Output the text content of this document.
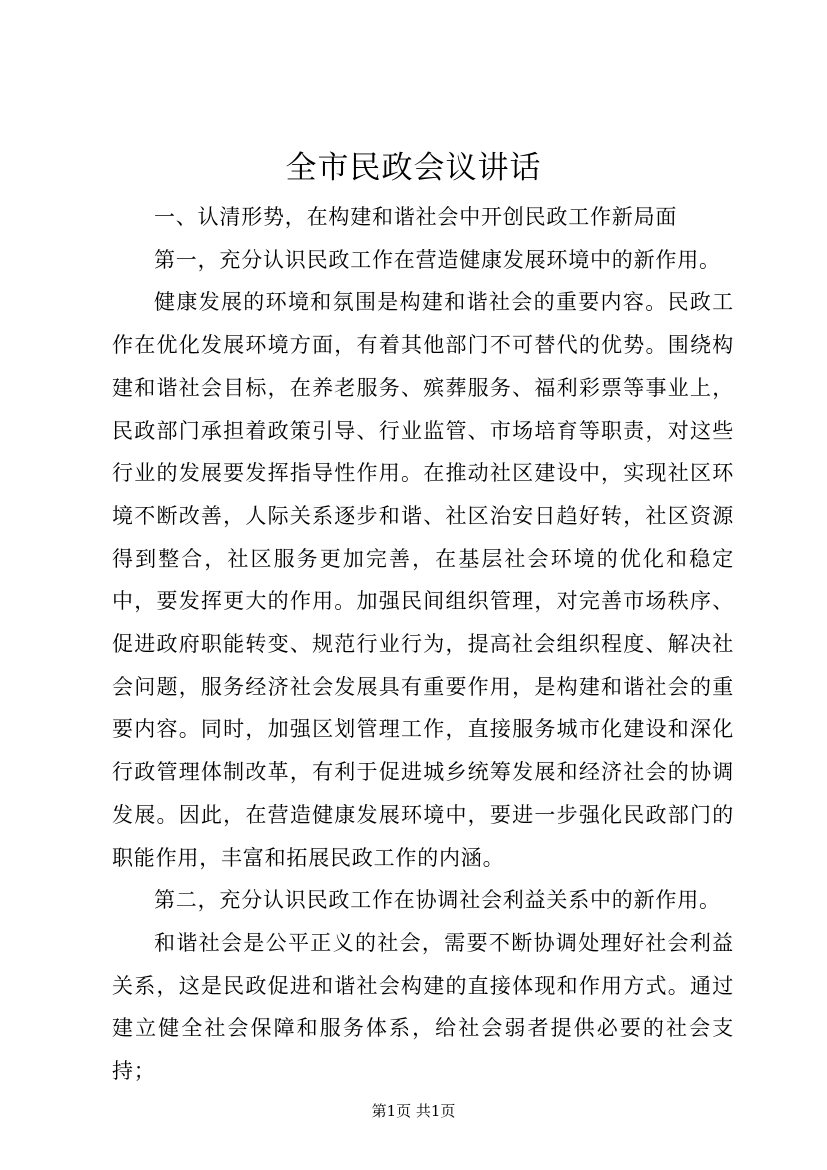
全市民政会议讲话

一、认清形势，在构建和谐社会中开创民政工作新局面

第一，充分认识民政工作在营造健康发展环境中的新作用。

健康发展的环境和氛围是构建和谐社会的重要内容。民政工作在优化发展环境方面，有着其他部门不可替代的优势。围绕构建和谐社会目标，在养老服务、殡葬服务、福利彩票等事业上，民政部门承担着政策引导、行业监管、市场培育等职责，对这些行业的发展要发挥指导性作用。在推动社区建设中，实现社区环境不断改善，人际关系逐步和谐、社区治安日趋好转，社区资源得到整合，社区服务更加完善，在基层社会环境的优化和稳定中，要发挥更大的作用。加强民间组织管理，对完善市场秩序、促进政府职能转变、规范行业行为，提高社会组织程度、解决社会问题，服务经济社会发展具有重要作用，是构建和谐社会的重要内容。同时，加强区划管理工作，直接服务城市化建设和深化行政管理体制改革，有利于促进城乡统筹发展和经济社会的协调发展。因此，在营造健康发展环境中，要进一步强化民政部门的职能作用，丰富和拓展民政工作的内涵。

第二，充分认识民政工作在协调社会利益关系中的新作用。

和谐社会是公平正义的社会，需要不断协调处理好社会利益关系，这是民政促进和谐社会构建的直接体现和作用方式。通过建立健全社会保障和服务体系，给社会弱者提供必要的社会支持；

第1页 共1页
